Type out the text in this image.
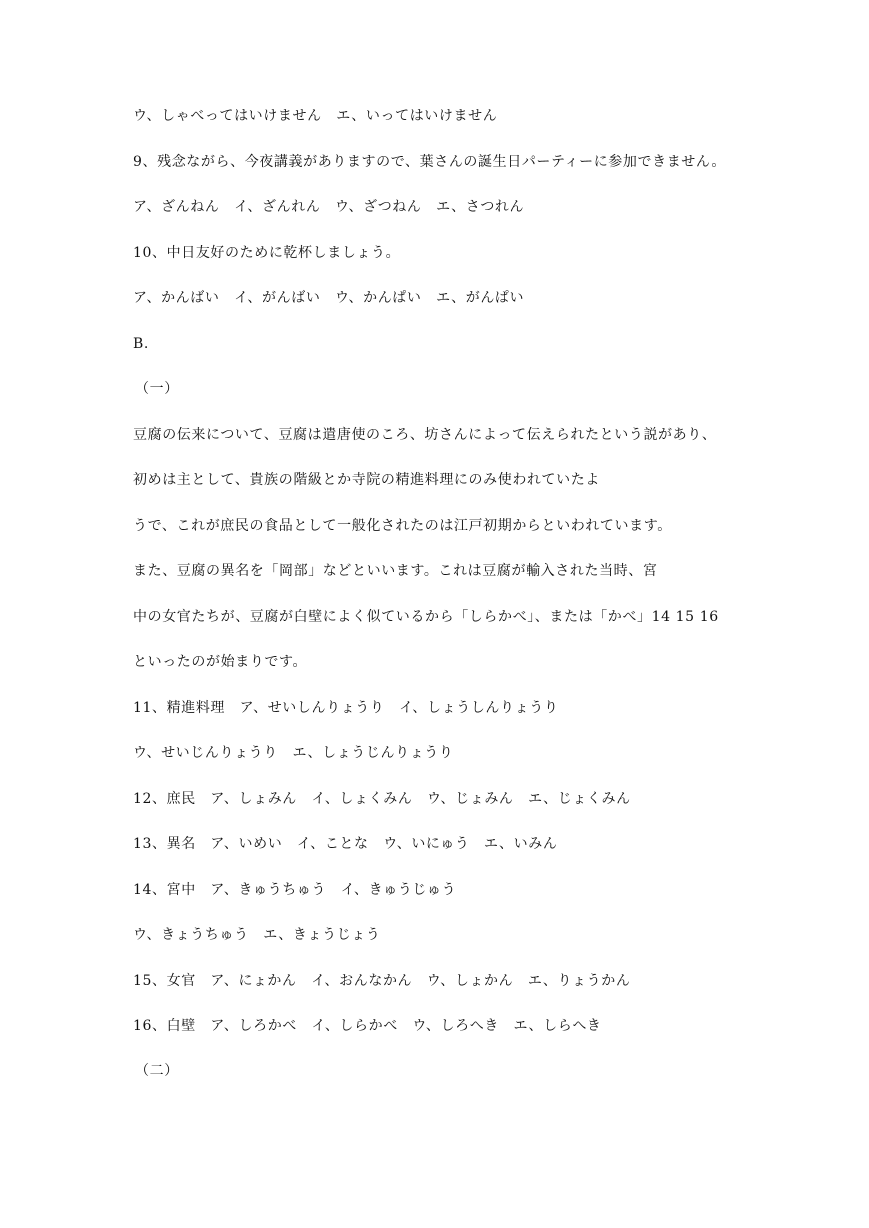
ウ、しゃべってはいけません　エ、いってはいけません
9、残念ながら、今夜講義がありますので、葉さんの誕生日パーティーに参加できません。
ア、ざんねん　イ、ざんれん　ウ、ざつねん　エ、さつれん
10、中日友好のために乾杯しましょう。
ア、かんばい　イ、がんばい　ウ、かんぱい　エ、がんぱい
B.
（一）
豆腐の伝来について、豆腐は遣唐使のころ、坊さんによって伝えられたという説があり、
初めは主として、貴族の階級とか寺院の精進料理にのみ使われていたよ
うで、これが庶民の食品として一般化されたのは江戸初期からといわれています。
また、豆腐の異名を「岡部」などといいます。これは豆腐が輸入された当時、宮
中の女官たちが、豆腐が白壁によく似ているから「しらかべ」、または「かべ」14 15 16
といったのが始まりです。
11、精進料理　ア、せいしんりょうり　イ、しょうしんりょうり
ウ、せいじんりょうり　エ、しょうじんりょうり
12、庶民　ア、しょみん　イ、しょくみん　ウ、じょみん　エ、じょくみん
13、異名　ア、いめい　イ、ことな　ウ、いにゅう　エ、いみん
14、宮中　ア、きゅうちゅう　イ、きゅうじゅう
ウ、きょうちゅう　エ、きょうじょう
15、女官　ア、にょかん　イ、おんなかん　ウ、しょかん　エ、りょうかん
16、白壁　ア、しろかべ　イ、しらかべ　ウ、しろへき　エ、しらへき
（二）
